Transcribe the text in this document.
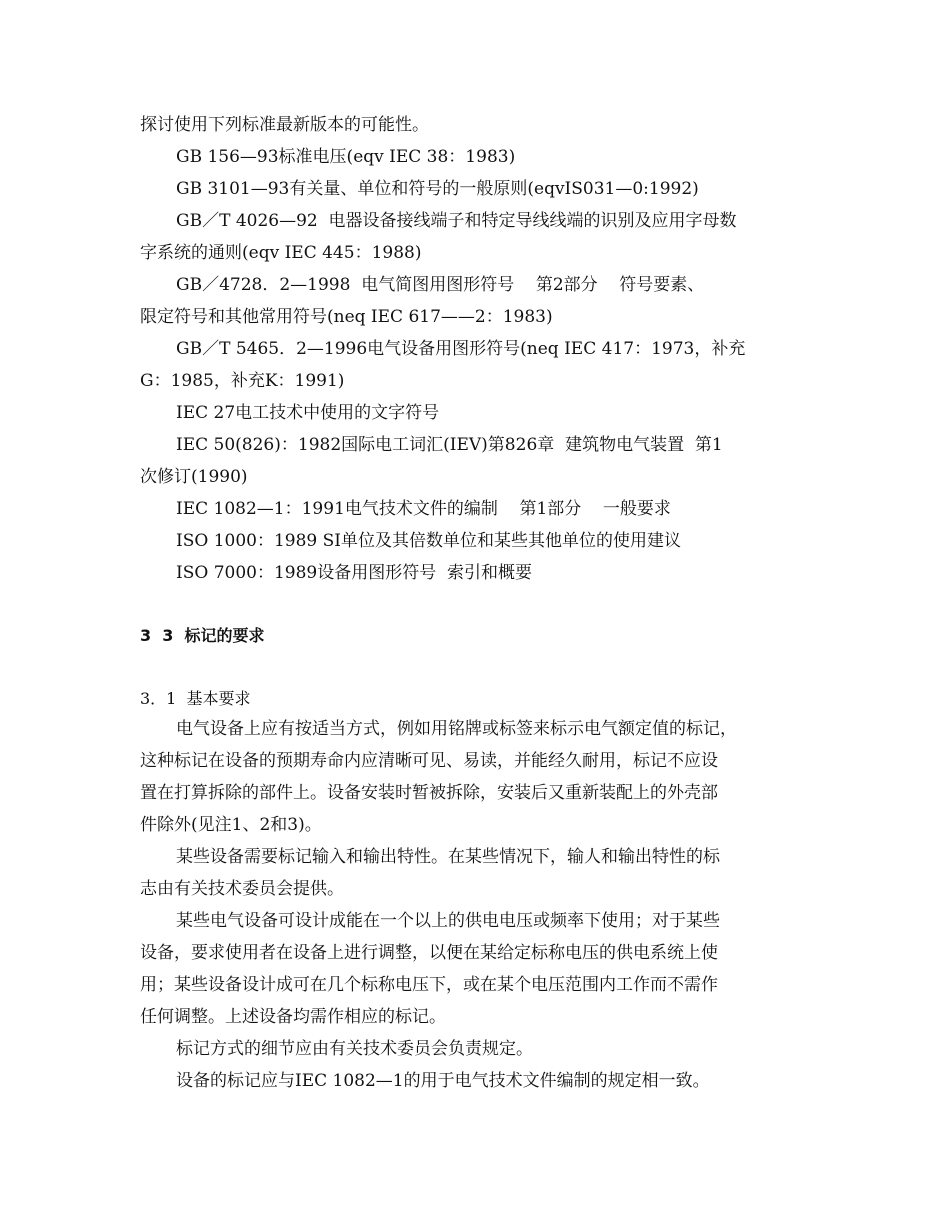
探讨使用下列标准最新版本的可能性。
GB 156—93标准电压(eqv IEC 38：1983)
GB 3101—93有关量、单位和符号的一般原则(eqvIS031—0:1992)
GB／T 4026—92  电器设备接线端子和特定导线线端的识别及应用字母数
字系统的通则(eqv IEC 445：1988)
GB／4728．2—1998  电气简图用图形符号    第2部分    符号要素、
限定符号和其他常用符号(neq IEC 617——2：1983)
GB／T 5465．2—1996电气设备用图形符号(neq IEC 417：1973，补充
G：1985，补充K：1991)
IEC 27电工技术中使用的文字符号
IEC 50(826)：1982国际电工词汇(IEV)第826章  建筑物电气装置  第1
次修订(1990)
IEC 1082—1：1991电气技术文件的编制    第1部分    一般要求
ISO 1000：1989 SI单位及其倍数单位和某些其他单位的使用建议
ISO 7000：1989设备用图形符号  索引和概要
3  3  标记的要求
3．1  基本要求
电气设备上应有按适当方式，例如用铭牌或标签来标示电气额定值的标记，
这种标记在设备的预期寿命内应清晰可见、易读，并能经久耐用，标记不应设
置在打算拆除的部件上。设备安装时暂被拆除，安装后又重新装配上的外壳部
件除外(见注1、2和3)。
某些设备需要标记输入和输出特性。在某些情况下，输人和输出特性的标
志由有关技术委员会提供。
某些电气设备可设计成能在一个以上的供电电压或频率下使用；对于某些
设备，要求使用者在设备上进行调整，以便在某给定标称电压的供电系统上使
用；某些设备设计成可在几个标称电压下，或在某个电压范围内工作而不需作
任何调整。上述设备均需作相应的标记。
标记方式的细节应由有关技术委员会负责规定。
设备的标记应与IEC 1082—1的用于电气技术文件编制的规定相一致。
